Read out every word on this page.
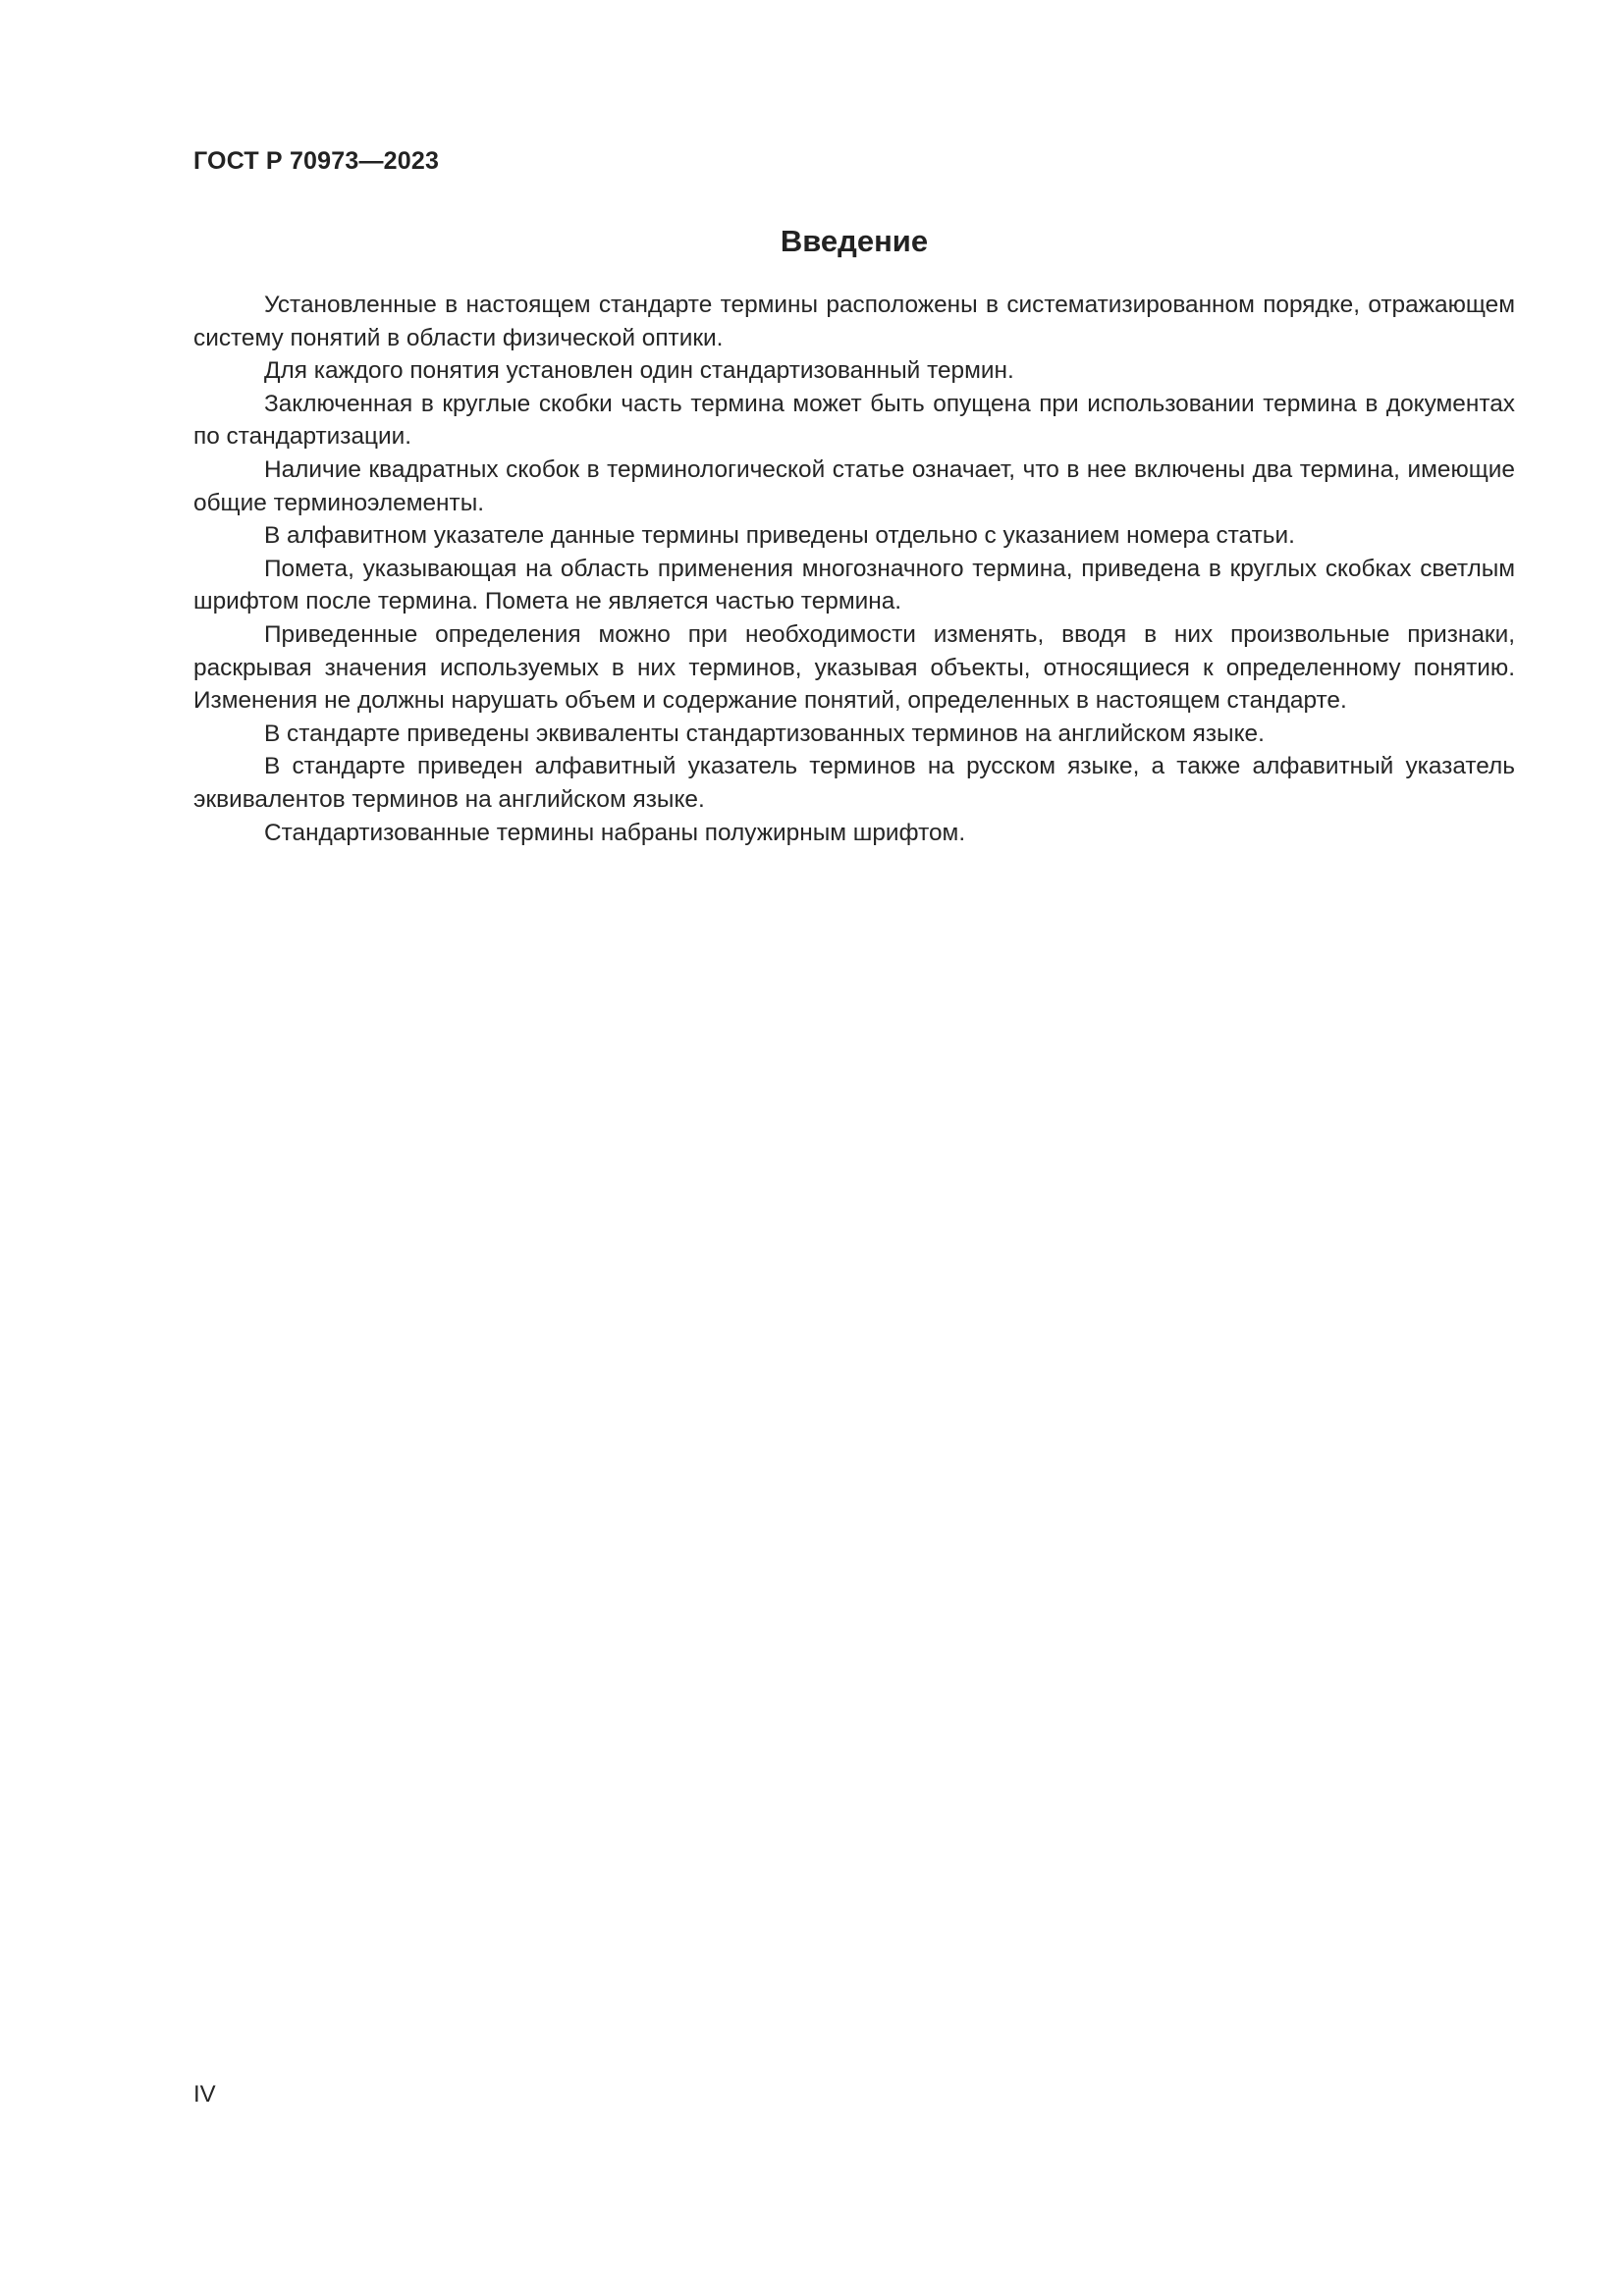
ГОСТ Р 70973—2023
Введение

Установленные в настоящем стандарте термины расположены в систематизированном порядке, отражающем систему понятий в области физической оптики.

Для каждого понятия установлен один стандартизованный термин.

Заключенная в круглые скобки часть термина может быть опущена при использовании термина в документах по стандартизации.

Наличие квадратных скобок в терминологической статье означает, что в нее включены два термина, имеющие общие терминоэлементы.

В алфавитном указателе данные термины приведены отдельно с указанием номера статьи.

Помета, указывающая на область применения многозначного термина, приведена в круглых скобках светлым шрифтом после термина. Помета не является частью термина.

Приведенные определения можно при необходимости изменять, вводя в них произвольные признаки, раскрывая значения используемых в них терминов, указывая объекты, относящиеся к определенному понятию. Изменения не должны нарушать объем и содержание понятий, определенных в настоящем стандарте.

В стандарте приведены эквиваленты стандартизованных терминов на английском языке.

В стандарте приведен алфавитный указатель терминов на русском языке, а также алфавитный указатель эквивалентов терминов на английском языке.

Стандартизованные термины набраны полужирным шрифтом.

IV
